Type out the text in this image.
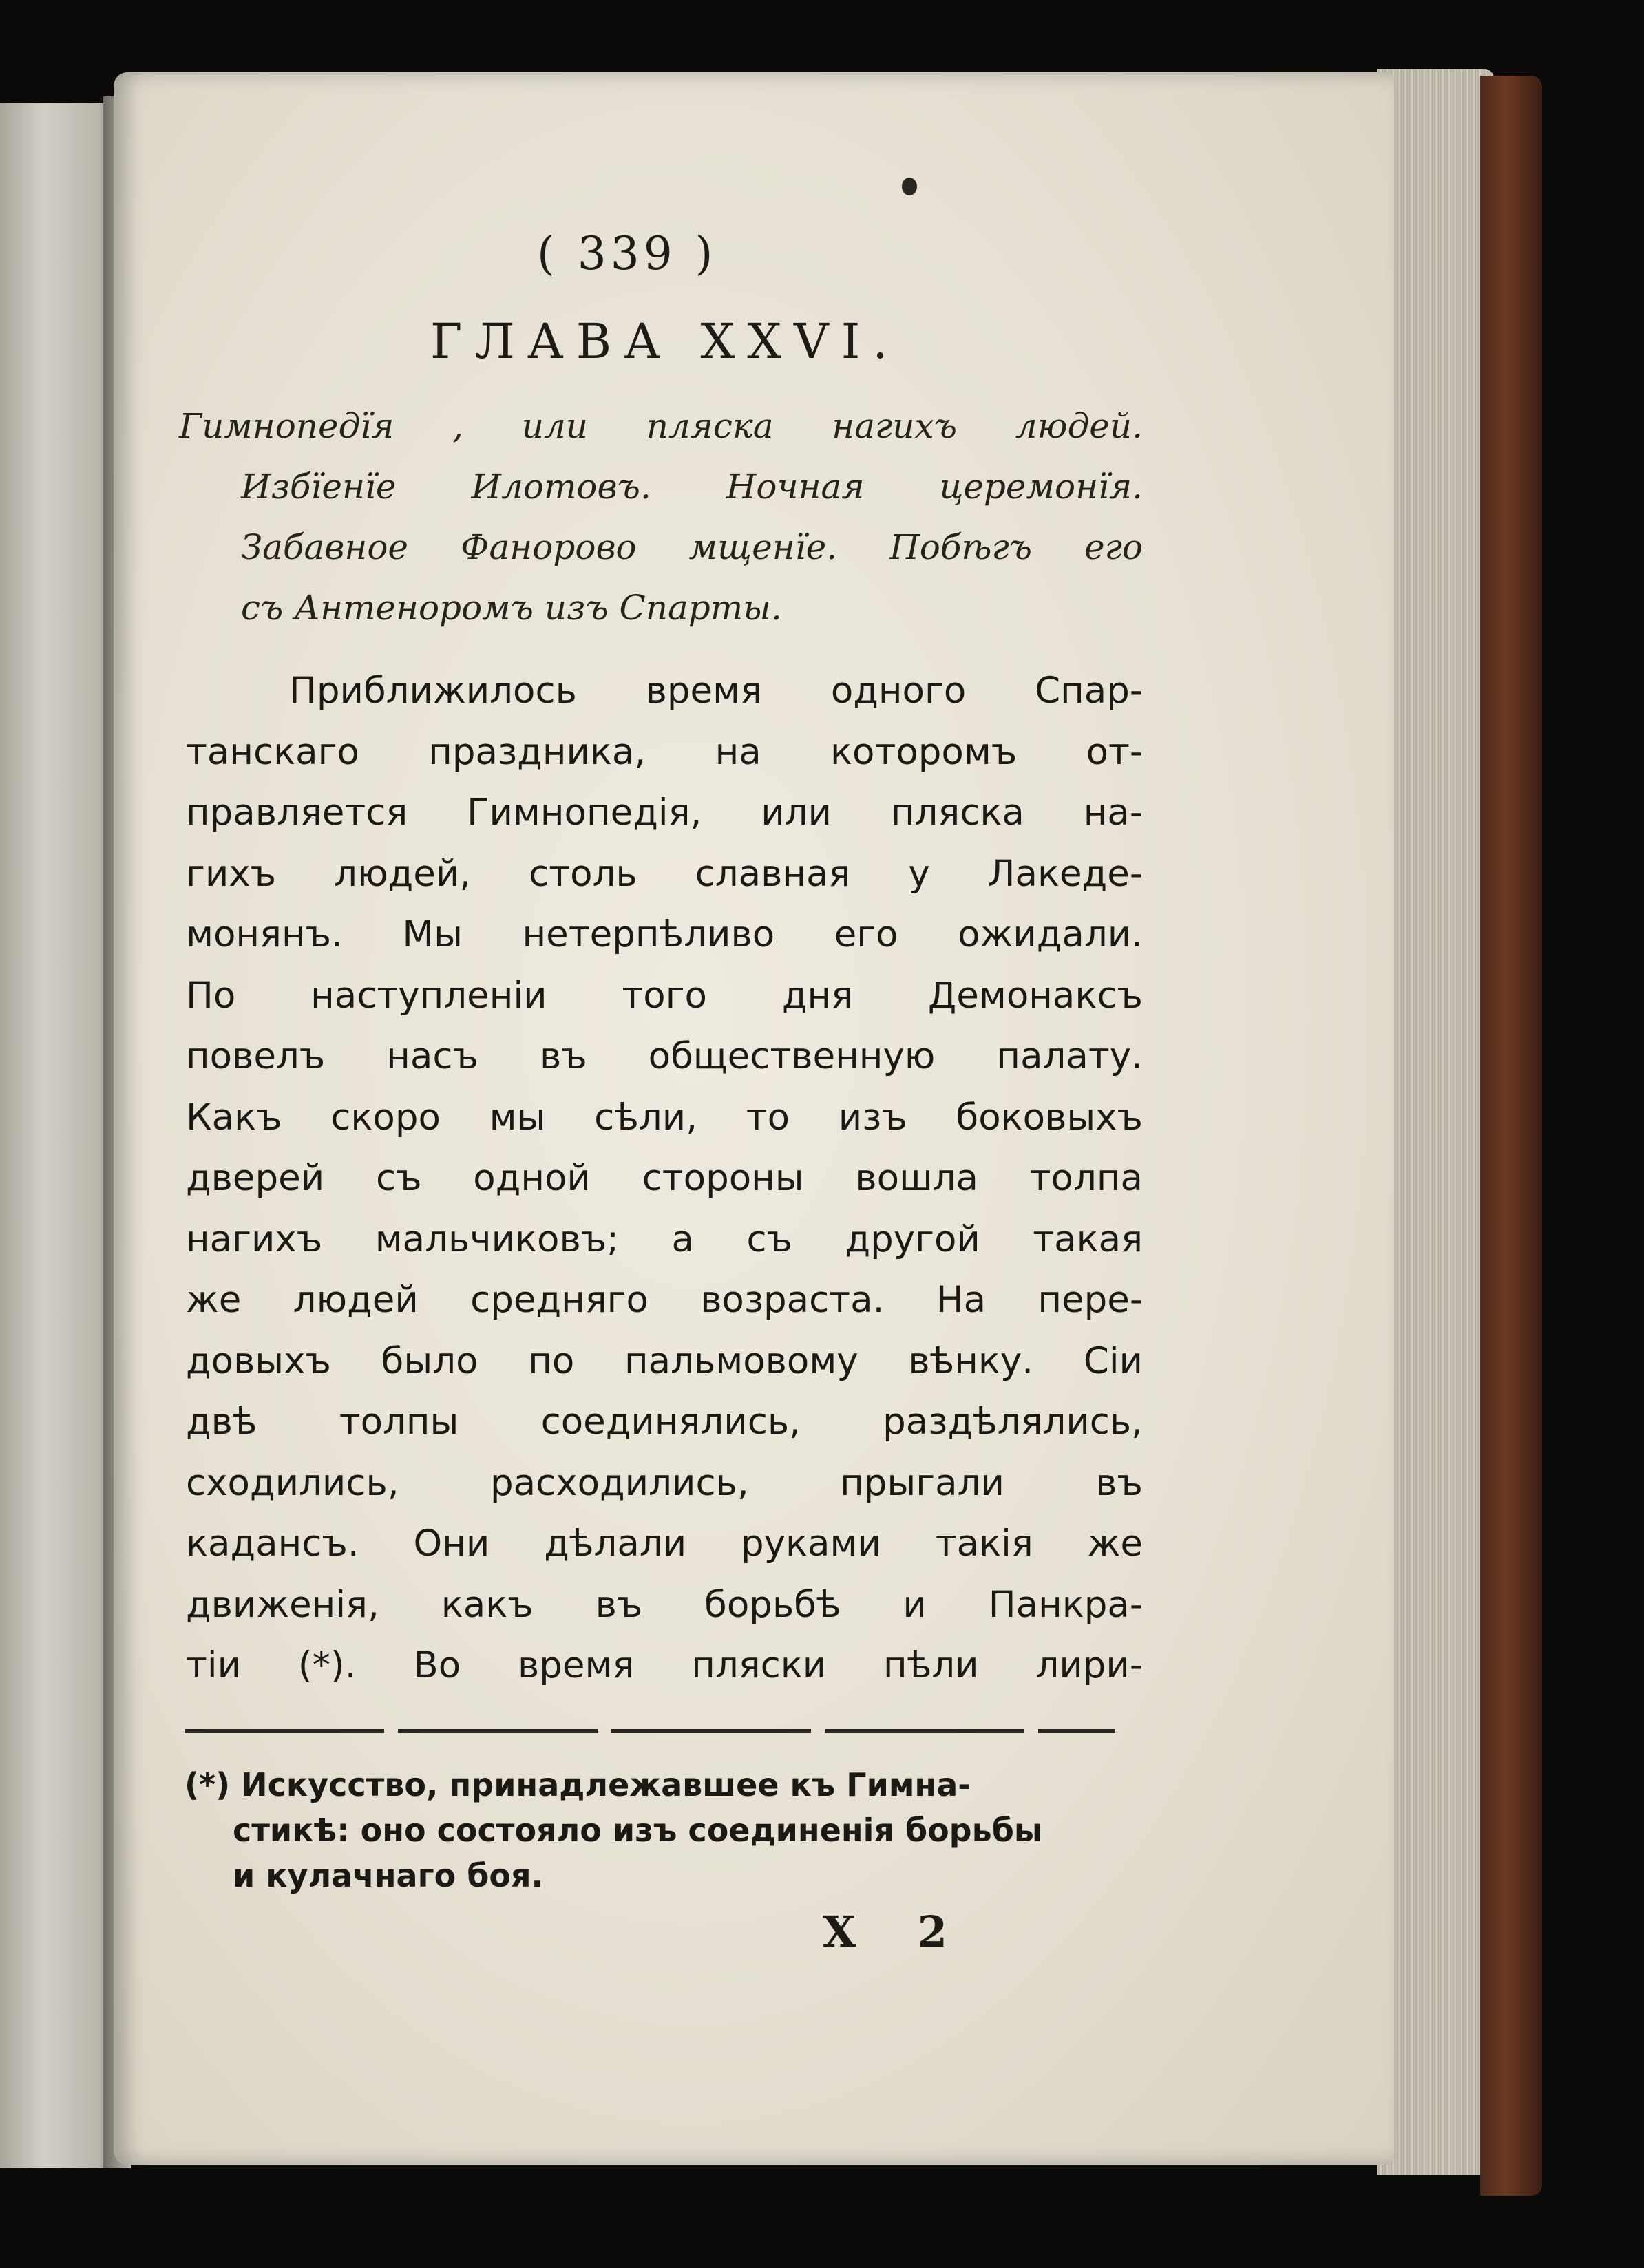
( 339 )
ГЛАВА XXVI.
Гимнопедїя , или пляска нагихъ людей.
Избїенїе Илотовъ. Ночная церемонїя.
Забавное Фанорово мщенїе. Побѣгъ его
съ Антеноромъ изъ Спарты.
Приближилось время одного Спар-
танскаго праздника, на которомъ от-
правляется Гимнопедія, или пляска на-
гихъ людей, столь славная у Лакеде-
монянъ. Мы нетерпѣливо его ожидали.
По наступленіи того дня Демонаксъ
повелъ насъ въ общественную палату.
Какъ скоро мы сѣли, то изъ боковыхъ
дверей съ одной стороны вошла толпа
нагихъ мальчиковъ; а съ другой такая
же людей средняго возраста. На пере-
довыхъ было по пальмовому вѣнку. Сіи
двѣ толпы соединялись, раздѣлялись,
сходились, расходились, прыгали въ
кадансъ. Они дѣлали руками такія же
движенія, какъ въ борьбѣ и Панкра-
тіи (*). Во время пляски пѣли лири-
(*) Искусство, принадлежавшее къ Гимна-
стикѣ: оно состояло изъ соединенія борьбы
и кулачнаго боя.
X 2
